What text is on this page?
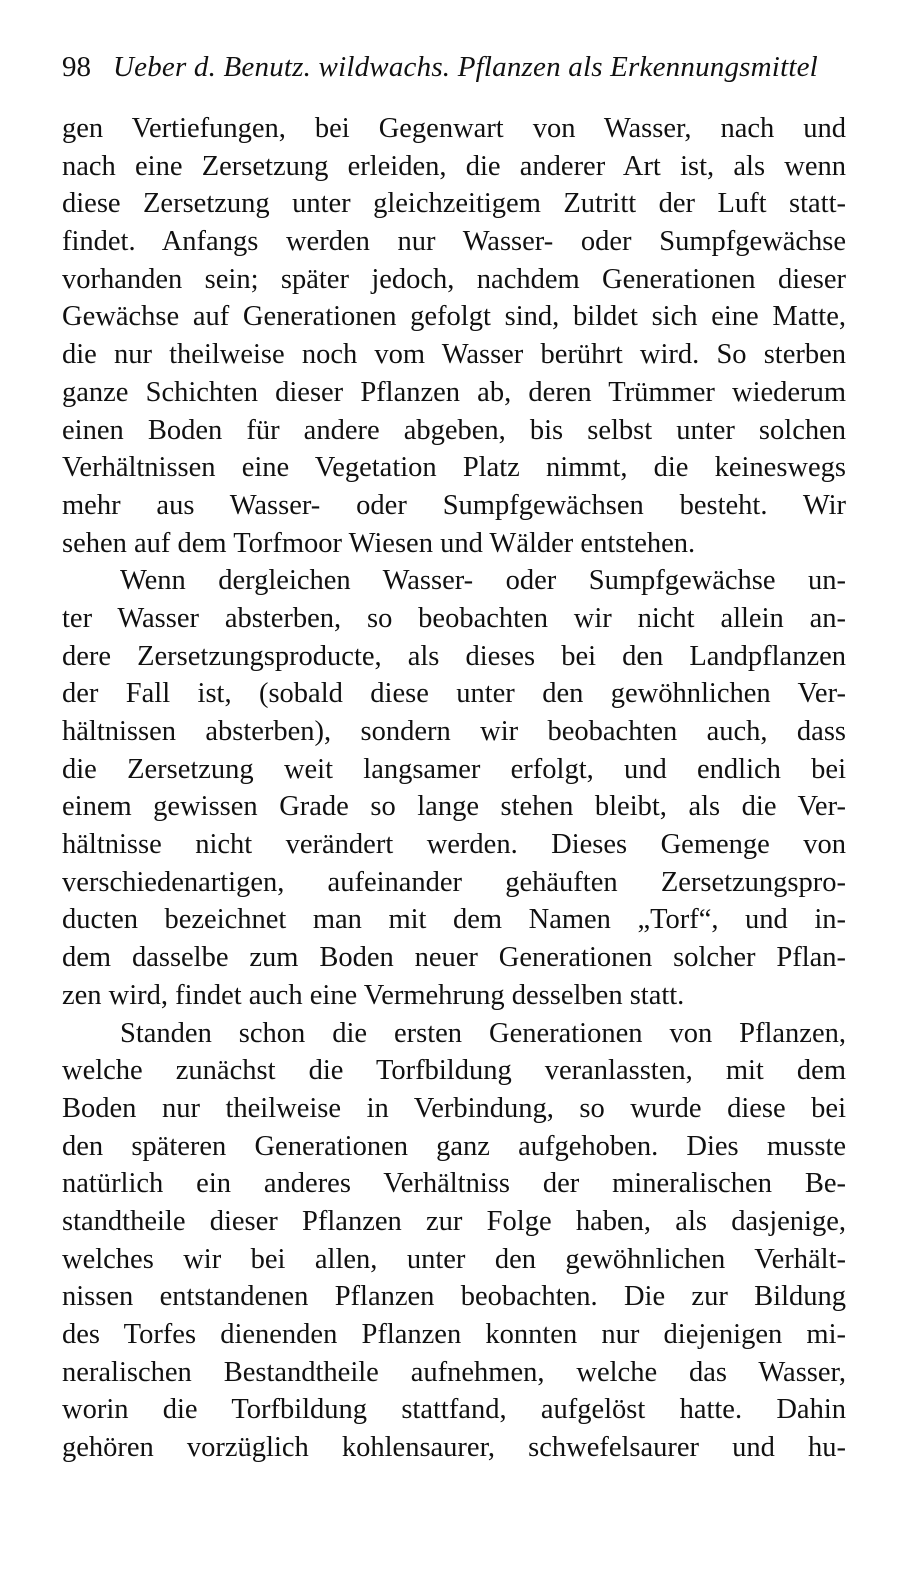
98 Ueber d. Benutz. wildwachs. Pflanzen als Erkennungsmittel
gen Vertiefungen, bei Gegenwart von Wasser, nach und
nach eine Zersetzung erleiden, die anderer Art ist, als wenn
diese Zersetzung unter gleichzeitigem Zutritt der Luft statt-
findet. Anfangs werden nur Wasser- oder Sumpfgewächse
vorhanden sein; später jedoch, nachdem Generationen dieser
Gewächse auf Generationen gefolgt sind, bildet sich eine Matte,
die nur theilweise noch vom Wasser berührt wird. So sterben
ganze Schichten dieser Pflanzen ab, deren Trümmer wiederum
einen Boden für andere abgeben, bis selbst unter solchen
Verhältnissen eine Vegetation Platz nimmt, die keineswegs
mehr aus Wasser- oder Sumpfgewächsen besteht. Wir
sehen auf dem Torfmoor Wiesen und Wälder entstehen.
Wenn dergleichen Wasser- oder Sumpfgewächse un-
ter Wasser absterben, so beobachten wir nicht allein an-
dere Zersetzungsproducte, als dieses bei den Landpflanzen
der Fall ist, (sobald diese unter den gewöhnlichen Ver-
hältnissen absterben), sondern wir beobachten auch, dass
die Zersetzung weit langsamer erfolgt, und endlich bei
einem gewissen Grade so lange stehen bleibt, als die Ver-
hältnisse nicht verändert werden. Dieses Gemenge von
verschiedenartigen, aufeinander gehäuften Zersetzungspro-
ducten bezeichnet man mit dem Namen „Torf“, und in-
dem dasselbe zum Boden neuer Generationen solcher Pflan-
zen wird, findet auch eine Vermehrung desselben statt.
Standen schon die ersten Generationen von Pflanzen,
welche zunächst die Torfbildung veranlassten, mit dem
Boden nur theilweise in Verbindung, so wurde diese bei
den späteren Generationen ganz aufgehoben. Dies musste
natürlich ein anderes Verhältniss der mineralischen Be-
standtheile dieser Pflanzen zur Folge haben, als dasjenige,
welches wir bei allen, unter den gewöhnlichen Verhält-
nissen entstandenen Pflanzen beobachten. Die zur Bildung
des Torfes dienenden Pflanzen konnten nur diejenigen mi-
neralischen Bestandtheile aufnehmen, welche das Wasser,
worin die Torfbildung stattfand, aufgelöst hatte. Dahin
gehören vorzüglich kohlensaurer, schwefelsaurer und hu-
